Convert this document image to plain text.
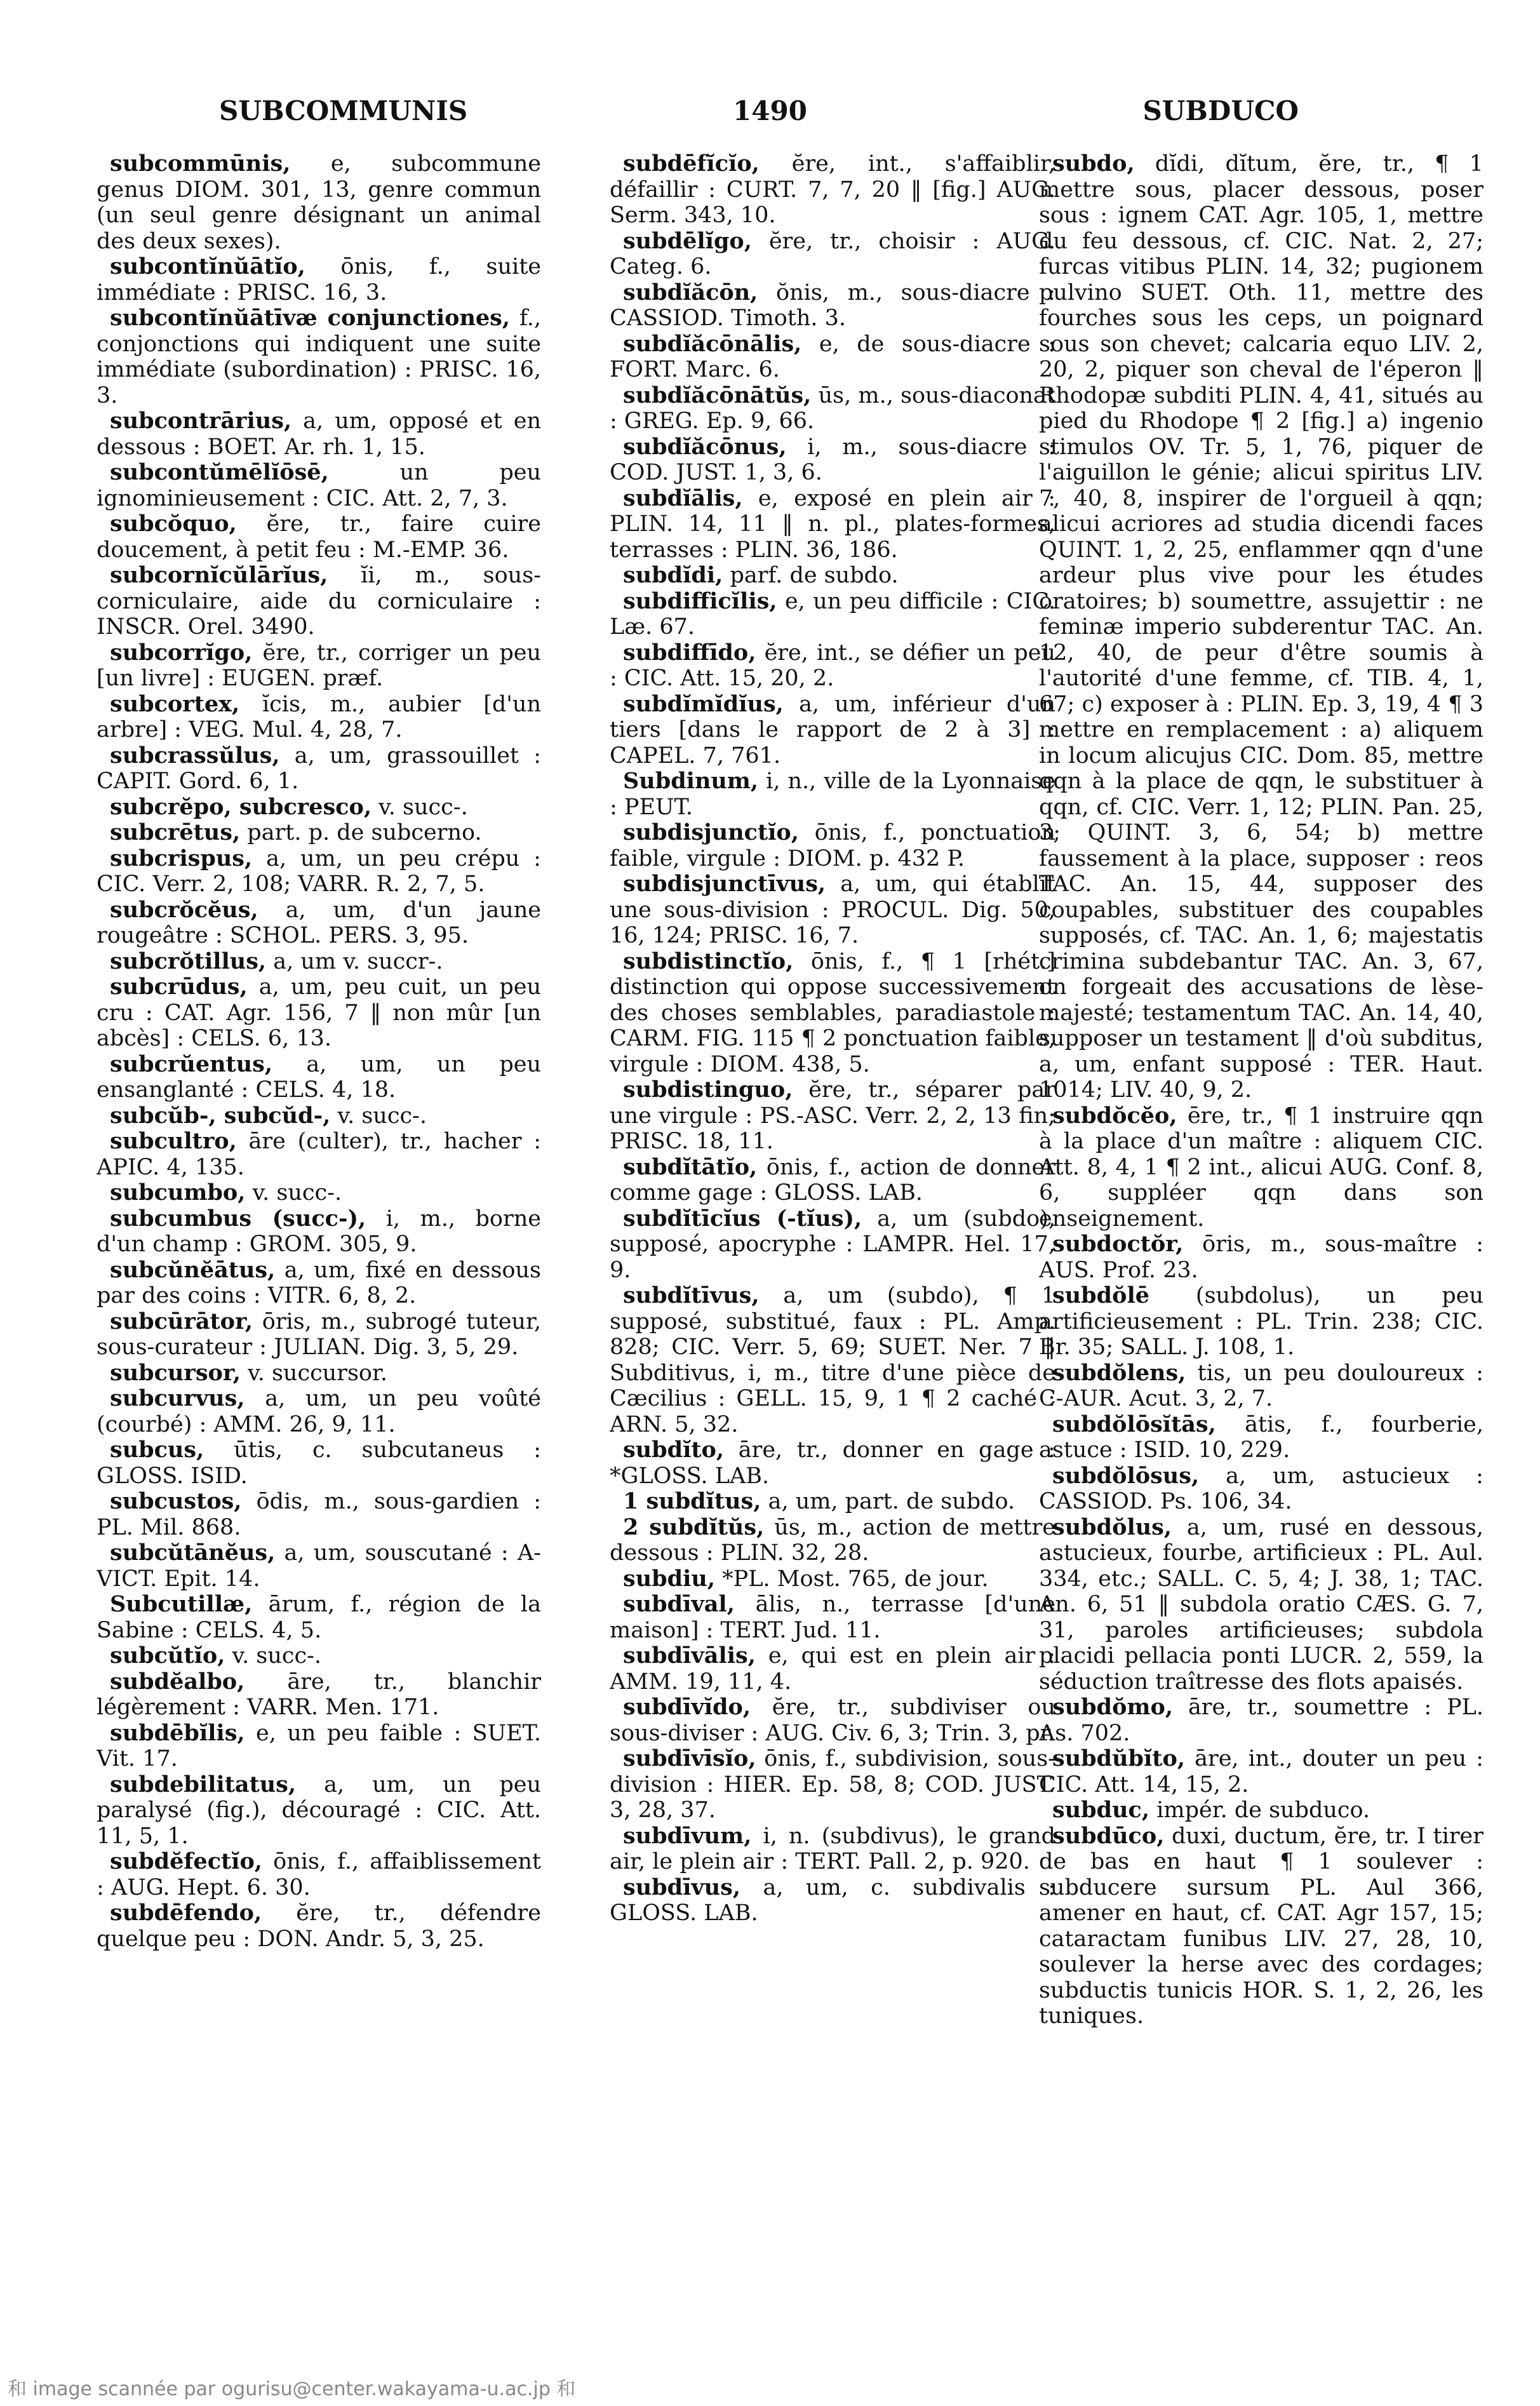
SUBCOMMUNIS	1490	SUBDUCO
subcommūnis, e, subcommune genus DIOM. 301, 13, genre commun (un seul genre désignant un animal des deux sexes).
subcontĭnŭātĭo, ōnis, f., suite immédiate : PRISC. 16, 3.
subcontĭnŭātīvæ conjunctiones, f., conjonctions qui indiquent une suite immédiate (subordination) : PRISC. 16, 3.
subcontrārius, a, um, opposé et en dessous : BOET. Ar. rh. 1, 15.
subcontŭmēlĭōsē,	un peu ignominieusement : CIC. Att. 2, 7, 3.
subcŏquo, ĕre, tr., faire cuire doucement, à petit feu : M.-EMP. 36.
subcornĭcŭlārĭus, ĭi, m., sous-corniculaire, aide du corniculaire : INSCR. Orel. 3490.
subcorrĭgo, ĕre, tr., corriger un peu [un livre] : EUGEN. præf.
subcortex, ĭcis, m., aubier [d'un arbre] : VEG. Mul. 4, 28, 7.
subcrassŭlus, a, um, grassouillet : CAPIT. Gord. 6, 1.
subcrĕpo, subcresco, v. succ-.
subcrētus, part. p. de subcerno.
subcrispus, a, um, un peu crépu : CIC. Verr. 2, 108; VARR. R. 2, 7, 5.
subcrŏcĕus, a, um, d'un jaune rougeâtre : SCHOL. PERS. 3, 95.
subcrŏtillus, a, um v. succr-.
subcrūdus, a, um, peu cuit, un peu cru : CAT. Agr. 156, 7 ‖ non mûr [un abcès] : CELS. 6, 13.
subcrŭentus, a, um, un peu ensanglanté : CELS. 4, 18.
subcŭb-, subcŭd-, v. succ-.
subcultro, āre (culter), tr., hacher : APIC. 4, 135.
subcumbo, v. succ-.
subcumbus (succ-), i, m., borne d'un champ : GROM. 305, 9.
subcŭnĕātus, a, um, fixé en dessous par des coins : VITR. 6, 8, 2.
subcūrātor, ōris, m., subrogé tuteur, sous-curateur : JULIAN. Dig. 3, 5, 29.
subcursor, v. succursor.
subcurvus, a, um, un peu voûté (courbé) : AMM. 26, 9, 11.
subcus, ūtis, c. subcutaneus : GLOSS. ISID.
subcustos, ōdis, m., sous-gardien : PL. Mil. 868.
subcŭtānĕus, a, um, souscutané : A-VICT. Epit. 14.
Subcutillæ, ārum, f., région de la Sabine : CELS. 4, 5.
subcŭtĭo, v. succ-.
subdĕalbo, āre, tr., blanchir légèrement : VARR. Men. 171.
subdēbĭlis, e, un peu faible : SUET. Vit. 17.
subdebilitatus, a, um, un peu paralysé (fig.), découragé : CIC. Att. 11, 5, 1.
subdĕfectĭo, ōnis, f., affaiblissement : AUG. Hept. 6. 30.
subdēfendo, ĕre, tr., défendre quelque peu : DON. Andr. 5, 3, 25.
subdēfĭcĭo, ĕre, int., s'affaiblir, défaillir : CURT. 7, 7, 20 ‖ [fig.] AUG. Serm. 343, 10.
subdēlĭgo, ĕre, tr., choisir : AUG. Categ. 6.
subdĭăcōn, ŏnis, m., sous-diacre : CASSIOD. Timoth. 3.
subdĭăcōnālis, e, de sous-diacre : FORT. Marc. 6.
subdĭăcōnātŭs, ūs, m., sous-diaconat : GREG. Ep. 9, 66.
subdĭăcōnus, i, m., sous-diacre : COD. JUST. 1, 3, 6.
subdĭālis, e, exposé en plein air : PLIN. 14, 11 ‖ n. pl., plates-formes, terrasses : PLIN. 36, 186.
subdĭdi, parf. de subdo.
subdifficĭlis, e, un peu difficile : CIC. Læ. 67.
subdiffīdo, ĕre, int., se défier un peu : CIC. Att. 15, 20, 2.
subdĭmĭdĭus, a, um, inférieur d'un tiers [dans le rapport de 2 à 3] : CAPEL. 7, 761.
Subdinum, i, n., ville de la Lyonnaise : PEUT.
subdisjunctĭo, ōnis, f., ponctuation faible, virgule : DIOM. p. 432 P.
subdisjunctīvus, a, um, qui établit une sous-division : PROCUL. Dig. 50, 16, 124; PRISC. 16, 7.
subdistinctĭo, ōnis, f., ¶ 1 [rhét.] distinction qui oppose successivement des choses semblables, paradiastole : CARM. FIG. 115 ¶ 2 ponctuation faible, virgule : DIOM. 438, 5.
subdistinguo, ĕre, tr., séparer par une virgule : PS.-ASC. Verr. 2, 2, 13 fin; PRISC. 18, 11.
subdĭtātĭo, ōnis, f., action de donner comme gage : GLOSS. LAB.
subdĭtīcĭus (-tĭus), a, um (subdo), supposé, apocryphe : LAMPR. Hel. 17, 9.
subdĭtīvus, a, um (subdo), ¶ 1 supposé, substitué, faux : PL. Amp. 828; CIC. Verr. 5, 69; SUET. Ner. 7 ‖ Subditivus, i, m., titre d'une pièce de Cæcilius : GELL. 15, 9, 1 ¶ 2 caché : ARN. 5, 32.
subdĭto, āre, tr., donner en gage : *GLOSS. LAB.
1 subdĭtus, a, um, part. de subdo.
2 subdĭtŭs, ūs, m., action de mettre dessous : PLIN. 32, 28.
subdiu, *PL. Most. 765, de jour.
subdīval, ālis, n., terrasse [d'une maison] : TERT. Jud. 11.
subdīvālis, e, qui est en plein air : AMM. 19, 11, 4.
subdīvĭdo, ĕre, tr., subdiviser ou sous-diviser : AUG. Civ. 6, 3; Trin. 3, pr.
subdīvīsĭo, ōnis, f., subdivision, sous-division : HIER. Ep. 58, 8; COD. JUST. 3, 28, 37.
subdīvum, i, n. (subdivus), le grand air, le plein air : TERT. Pall. 2, p. 920.
subdīvus, a, um, c. subdivalis : GLOSS. LAB.
subdo, dĭdi, dĭtum, ĕre, tr., ¶ 1 mettre sous, placer dessous, poser sous : ignem CAT. Agr. 105, 1, mettre du feu dessous, cf. CIC. Nat. 2, 27; furcas vitibus PLIN. 14, 32; pugionem pulvino SUET. Oth. 11, mettre des fourches sous les ceps, un poignard sous son chevet; calcaria equo LIV. 2, 20, 2, piquer son cheval de l'éperon ‖ Rhodopæ subditi PLIN. 4, 41, situés au pied du Rhodope ¶ 2 [fig.] a) ingenio stimulos OV. Tr. 5, 1, 76, piquer de l'aiguillon le génie; alicui spiritus LIV. 7, 40, 8, inspirer de l'orgueil à qqn; alicui acriores ad studia dicendi faces QUINT. 1, 2, 25, enflammer qqn d'une ardeur plus vive pour les études oratoires; b) soumettre, assujettir : ne feminæ imperio subderentur TAC. An. 12, 40, de peur d'être soumis à l'autorité d'une femme, cf. TIB. 4, 1, 67; c) exposer à : PLIN. Ep. 3, 19, 4 ¶ 3 mettre en remplacement : a) aliquem in locum alicujus CIC. Dom. 85, mettre qqn à la place de qqn, le substituer à qqn, cf. CIC. Verr. 1, 12; PLIN. Pan. 25, 3; QUINT. 3, 6, 54; b) mettre faussement à la place, supposer : reos TAC. An. 15, 44, supposer des coupables, substituer des coupables supposés, cf. TAC. An. 1, 6; majestatis crimina subdebantur TAC. An. 3, 67, on forgeait des accusations de lèse-majesté; testamentum TAC. An. 14, 40, supposer un testament ‖ d'où subditus, a, um, enfant supposé : TER. Haut. 1014; LIV. 40, 9, 2.
subdŏcĕo, ēre, tr., ¶ 1 instruire qqn à la place d'un maître : aliquem CIC. Att. 8, 4, 1 ¶ 2 int., alicui AUG. Conf. 8, 6, suppléer qqn dans son enseignement.
subdoctŏr, ōris, m., sous-maître : AUS. Prof. 23.
subdŏlē (subdolus), un peu artificieusement : PL. Trin. 238; CIC. Br. 35; SALL. J. 108, 1.
subdŏlens, tis, un peu douloureux : C-AUR. Acut. 3, 2, 7.
subdŏlōsĭtās, ātis, f., fourberie, astuce : ISID. 10, 229.
subdŏlōsus, a, um, astucieux : CASSIOD. Ps. 106, 34.
subdŏlus, a, um, rusé en dessous, astucieux, fourbe, artificieux : PL. Aul. 334, etc.; SALL. C. 5, 4; J. 38, 1; TAC. An. 6, 51 ‖ subdola oratio CÆS. G. 7, 31, paroles artificieuses; subdola placidi pellacia ponti LUCR. 2, 559, la séduction traîtresse des flots apaisés.
subdŏmo, āre, tr., soumettre : PL. As. 702.
subdŭbĭto, āre, int., douter un peu : CIC. Att. 14, 15, 2.
subduc, impér. de subduco.
subdūco, duxi, ductum, ĕre, tr. I tirer de bas en haut ¶ 1 soulever : subducere sursum PL. Aul 366, amener en haut, cf. CAT. Agr 157, 15; cataractam funibus LIV. 27, 28, 10, soulever la herse avec des cordages; subductis tunicis HOR. S. 1, 2, 26, les tuniques.
和 image scannée par ogurisu@center.wakayama-u.ac.jp 和
